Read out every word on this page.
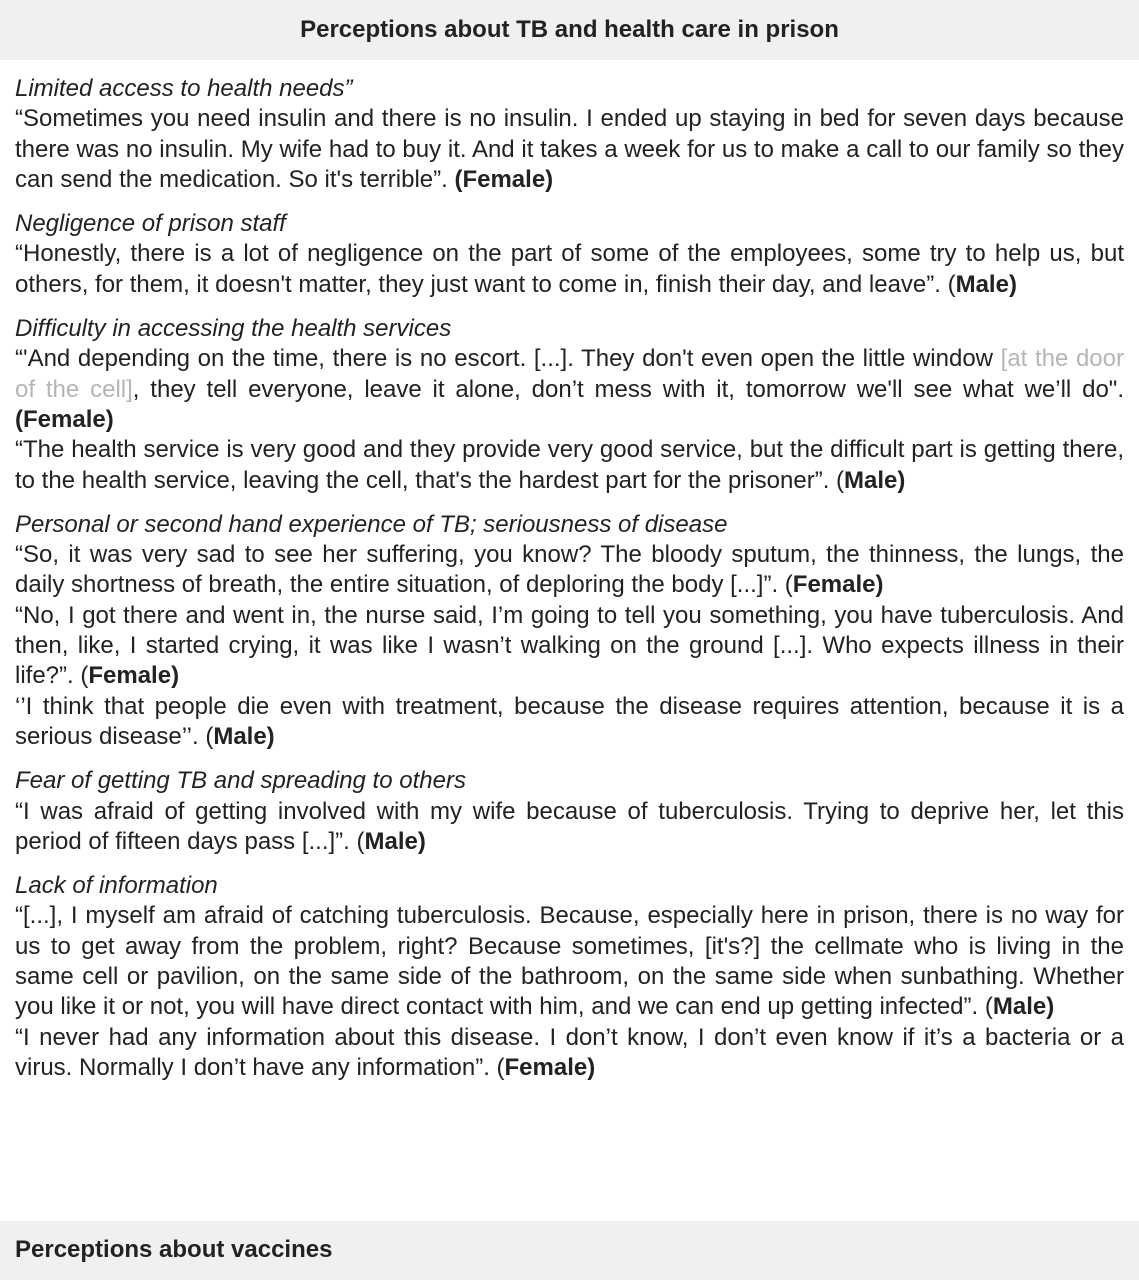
Perceptions about TB and health care in prison
Limited access to health needs”
“Sometimes you need insulin and there is no insulin. I ended up staying in bed for seven days because there was no insulin. My wife had to buy it. And it takes a week for us to make a call to our family so they can send the medication. So it's terrible”. (Female)
Negligence of prison staff
“Honestly, there is a lot of negligence on the part of some of the employees, some try to help us, but others, for them, it doesn't matter, they just want to come in, finish their day, and leave”. (Male)
Difficulty in accessing the health services
“'And depending on the time, there is no escort. [...]. They don't even open the little window [at the door of the cell], they tell everyone, leave it alone, don’t mess with it, tomorrow we'll see what we’ll do". (Female)
“The health service is very good and they provide very good service, but the difficult part is getting there, to the health service, leaving the cell, that's the hardest part for the prisoner”. (Male)
Personal or second hand experience of TB; seriousness of disease
“So, it was very sad to see her suffering, you know? The bloody sputum, the thinness, the lungs, the daily shortness of breath, the entire situation, of deploring the body [...]”. (Female)
“No, I got there and went in, the nurse said, I’m going to tell you something, you have tuberculosis. And then, like, I started crying, it was like I wasn’t walking on the ground [...]. Who expects illness in their life?”. (Female)
‘’I think that people die even with treatment, because the disease requires attention, because it is a serious disease’’. (Male)
Fear of getting TB and spreading to others
“I was afraid of getting involved with my wife because of tuberculosis. Trying to deprive her, let this period of fifteen days pass [...]”. (Male)
Lack of information
“[...], I myself am afraid of catching tuberculosis. Because, especially here in prison, there is no way for us to get away from the problem, right? Because sometimes, [it's?] the cellmate who is living in the same cell or pavilion, on the same side of the bathroom, on the same side when sunbathing. Whether you like it or not, you will have direct contact with him, and we can end up getting infected”. (Male)
“I never had any information about this disease. I don’t know, I don’t even know if it’s a bacteria or a virus. Normally I don’t have any information”. (Female)
Perceptions about vaccines
